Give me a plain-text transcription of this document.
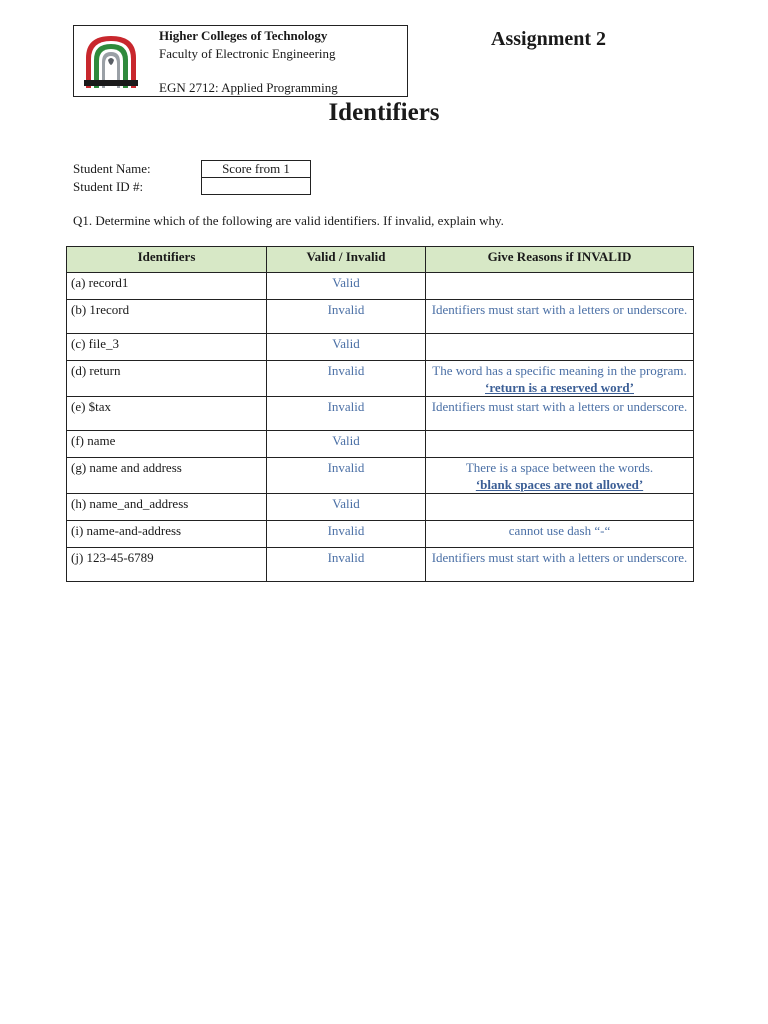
Higher Colleges of Technology
Faculty of Electronic Engineering
EGN 2712: Applied Programming
Assignment 2
Identifiers
Student Name:
Student ID #:
Score from 1
Q1. Determine which of the following are valid identifiers. If invalid, explain why.
Identifiers	Valid / Invalid	Give Reasons if INVALID
(a) record1	Valid	
(b) 1record	Invalid	Identifiers must start with a letters or underscore.
(c) file_3	Valid	
(d) return	Invalid	The word has a specific meaning in the program. ‘return is a reserved word’
(e) $tax	Invalid	Identifiers must start with a letters or underscore.
(f) name	Valid	
(g) name and address	Invalid	There is a space between the words.
‘blank spaces are not allowed’
(h) name_and_address	Valid	
(i) name-and-address	Invalid	cannot use dash “-“
(j) 123-45-6789	Invalid	Identifiers must start with a letters or underscore.
